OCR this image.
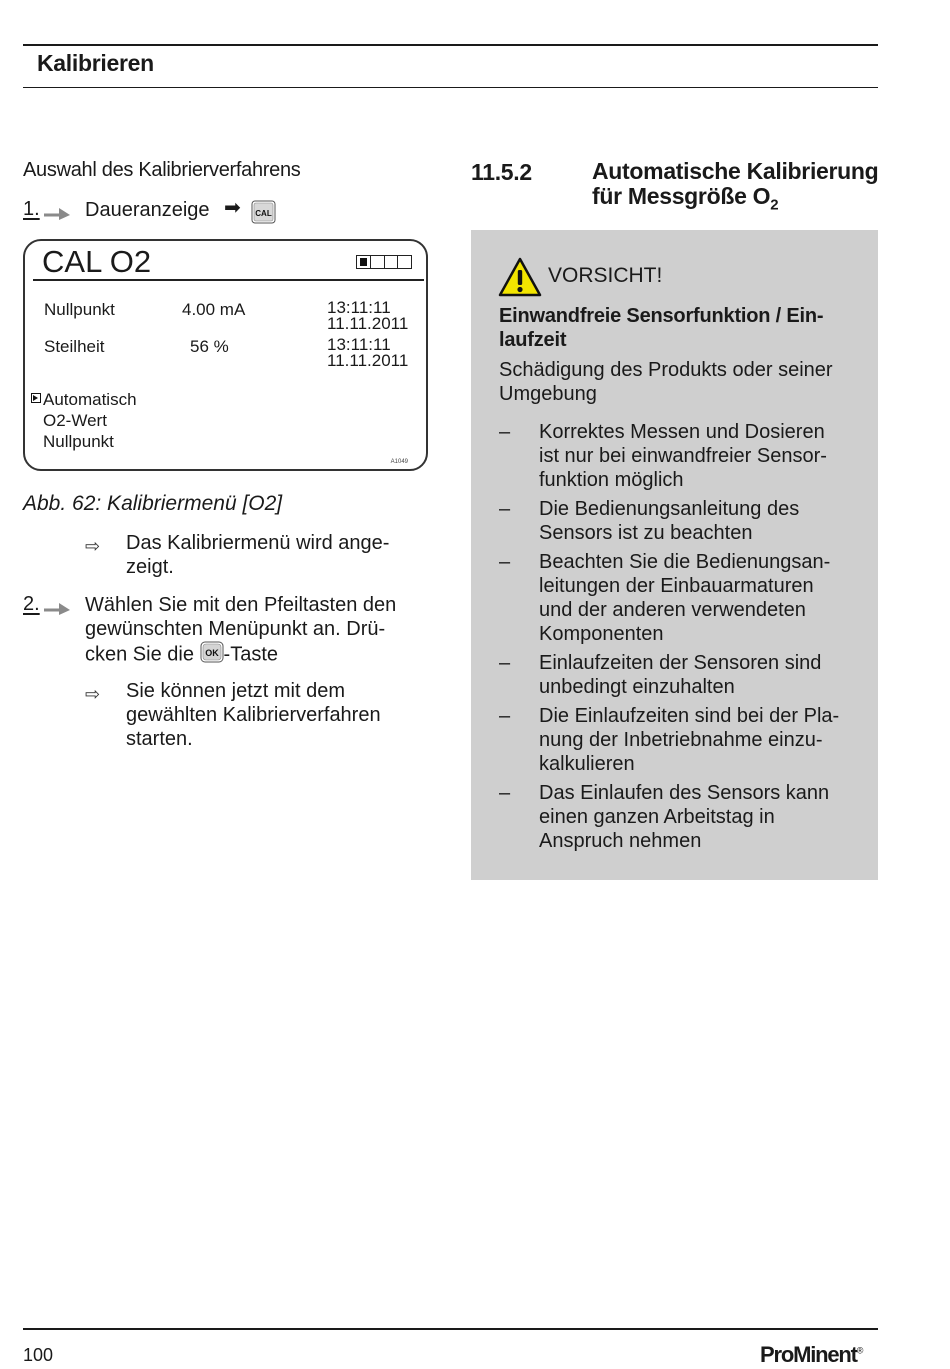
Kalibrieren
Auswahl des Kalibrierverfahrens
1. Daueranzeige ➡ CAL
CAL O2
Nullpunkt	4.00 mA	13:11:11
11.11.2011
Steilheit	56 %	13:11:11
11.11.2011
Automatisch
O2-Wert
Nullpunkt
A1049
Abb. 62: Kalibriermenü [O2]
⇨ Das Kalibriermenü wird ange-
zeigt.
2. Wählen Sie mit den Pfeiltasten den
gewünschten Menüpunkt an. Drü-
cken Sie die OK -Taste
⇨ Sie können jetzt mit dem
gewählten Kalibrierverfahren
starten.
11.5.2	Automatische Kalibrierung
für Messgröße $O_2$
VORSICHT!
Einwandfreie Sensorfunktion / Ein-
laufzeit
Schädigung des Produkts oder seiner
Umgebung
– Korrektes Messen und Dosieren
ist nur bei einwandfreier Sensor-
funktion möglich
– Die Bedienungsanleitung des
Sensors ist zu beachten
– Beachten Sie die Bedienungsan-
leitungen der Einbauarmaturen
und der anderen verwendeten
Komponenten
– Einlaufzeiten der Sensoren sind
unbedingt einzuhalten
– Die Einlaufzeiten sind bei der Pla-
nung der Inbetriebnahme einzu-
kalkulieren
– Das Einlaufen des Sensors kann
einen ganzen Arbeitstag in
Anspruch nehmen
100	ProMinent®
